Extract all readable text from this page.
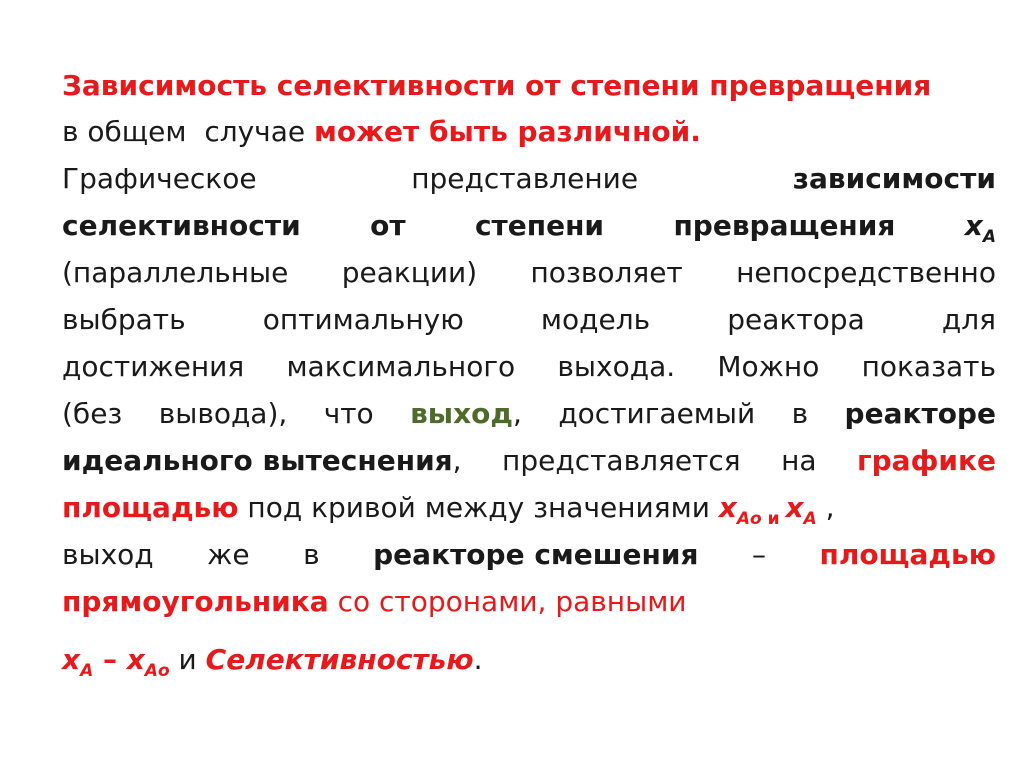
Зависимость селективности от степени превращения
в общем  случае может быть различной.
Графическое	представление	зависимости
селективности от степени превращения $x_A$
(параллельные реакции) позволяет непосредственно
выбрать	оптимальную	модель	реактора	для
достижения максимального выхода. Можно показать
(без вывода), что выход, достигаемый в реакторе
идеального вытеснения, представляется на графике
площадью под кривой между значениями $x_{Ao}$ $_и$ $x_A$ ,
выход же в реакторе смешения – площадью
прямоугольника со сторонами, равными
$x_A - x_{Ao}$ и Селективностью.
